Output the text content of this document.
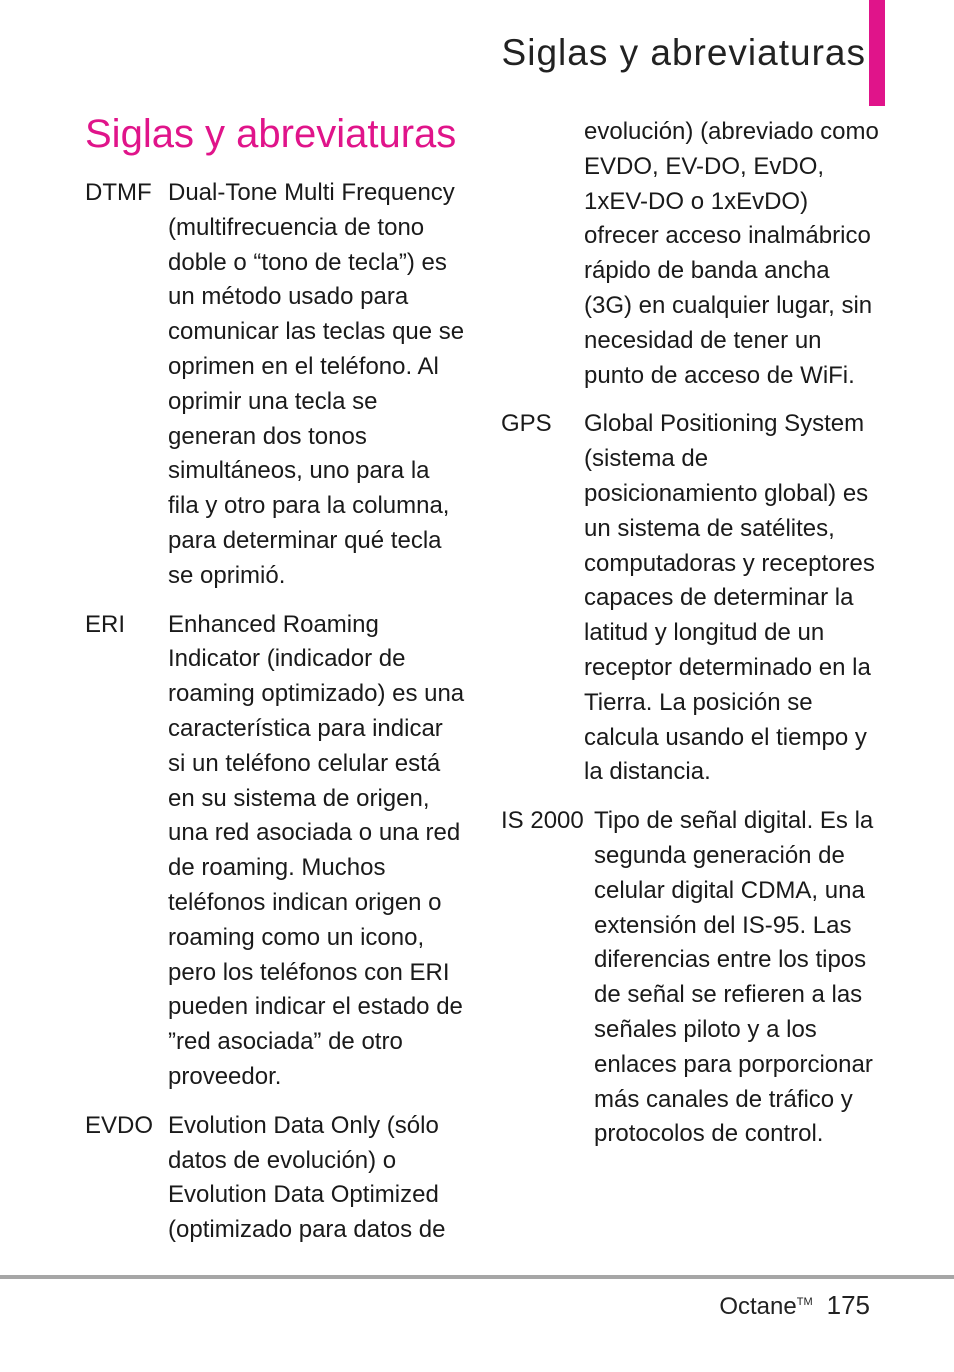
Siglas y abreviaturas
Siglas y abreviaturas
DTMF Dual-Tone Multi Frequency (multifrecuencia de tono doble o “tono de tecla”) es un método usado para comunicar las teclas que se oprimen en el teléfono. Al oprimir una tecla se generan dos tonos simultáneos, uno para la fila y otro para la columna, para determinar qué tecla se oprimió.
ERI	Enhanced Roaming Indicator (indicador de roaming optimizado) es una característica para indicar si un teléfono celular está en su sistema de origen, una red asociada o una red de roaming. Muchos teléfonos indican origen o roaming como un icono, pero los teléfonos con ERI pueden indicar el estado de ”red asociada” de otro proveedor.
EVDO Evolution Data Only (sólo datos de evolución) o Evolution Data Optimized (optimizado para datos de
evolución) (abreviado como EVDO, EV-DO, EvDO, 1xEV-DO o 1xEvDO) ofrecer acceso inalmábrico rápido de banda ancha (3G) en cualquier lugar, sin necesidad de tener un punto de acceso de WiFi.
GPS	Global Positioning System (sistema de posicionamiento global) es un sistema de satélites, computadoras y receptores capaces de determinar la latitud y longitud de un receptor determinado en la Tierra. La posición se calcula usando el tiempo y la distancia.
IS 2000 Tipo de señal digital. Es la segunda generación de celular digital CDMA, una extensión del IS-95. Las diferencias entre los tipos de señal se refieren a las señales piloto y a los enlaces para porporcionar más canales de tráfico y protocolos de control.
Octane™ 175
